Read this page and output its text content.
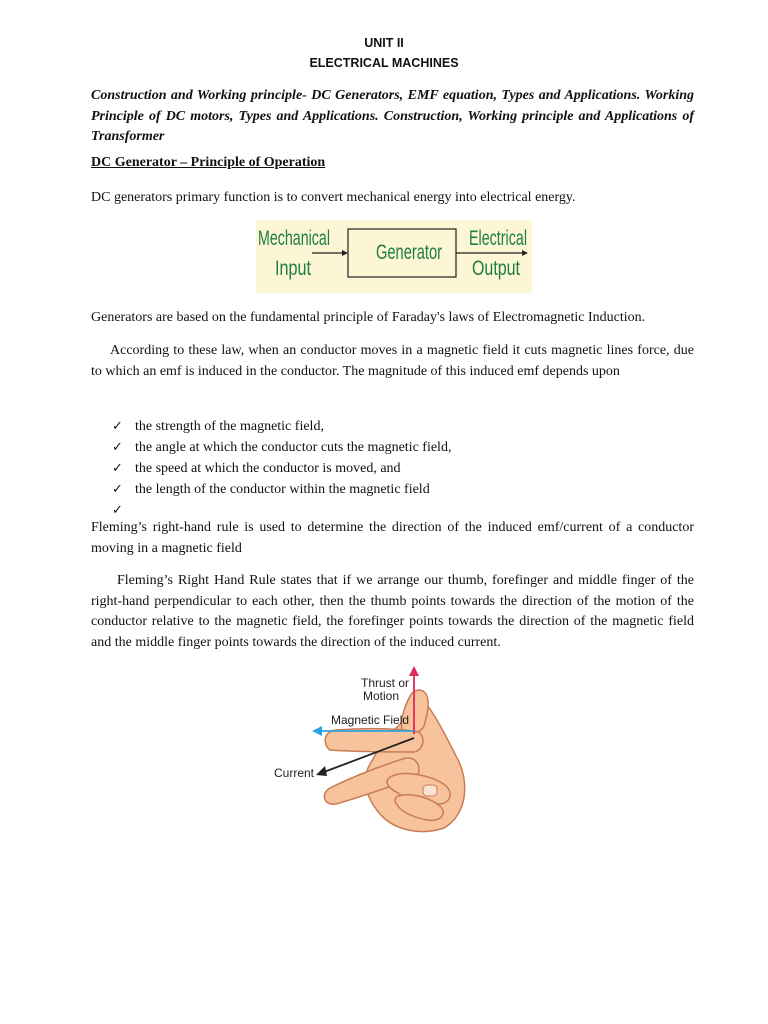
UNIT II
ELECTRICAL MACHINES

Construction and Working principle- DC Generators, EMF equation, Types and Applications. Working Principle of DC motors, Types and Applications. Construction, Working principle and Applications of Transformer

DC Generator – Principle of Operation

DC generators primary function is to convert mechanical energy into electrical energy.

Mechanical
Input
Generator
Electrical
Output

Generators are based on the fundamental principle of Faraday's laws of Electromagnetic Induction.

According to these law, when an conductor moves in a magnetic field it cuts magnetic lines force, due to which an emf is induced in the conductor. The magnitude of this induced emf depends upon

✓ the strength of the magnetic field,
✓ the angle at which the conductor cuts the magnetic field,
✓ the speed at which the conductor is moved, and
✓ the length of the conductor within the magnetic field
✓

Fleming’s right-hand rule is used to determine the direction of the induced emf/current of a conductor moving in a magnetic field

Fleming’s Right Hand Rule states that if we arrange our thumb, forefinger and middle finger of the right-hand perpendicular to each other, then the thumb points towards the direction of the motion of the conductor relative to the magnetic field, the forefinger points towards the direction of the magnetic field and the middle finger points towards the direction of the induced current.

Thrust or
Motion
Magnetic Field
Current
